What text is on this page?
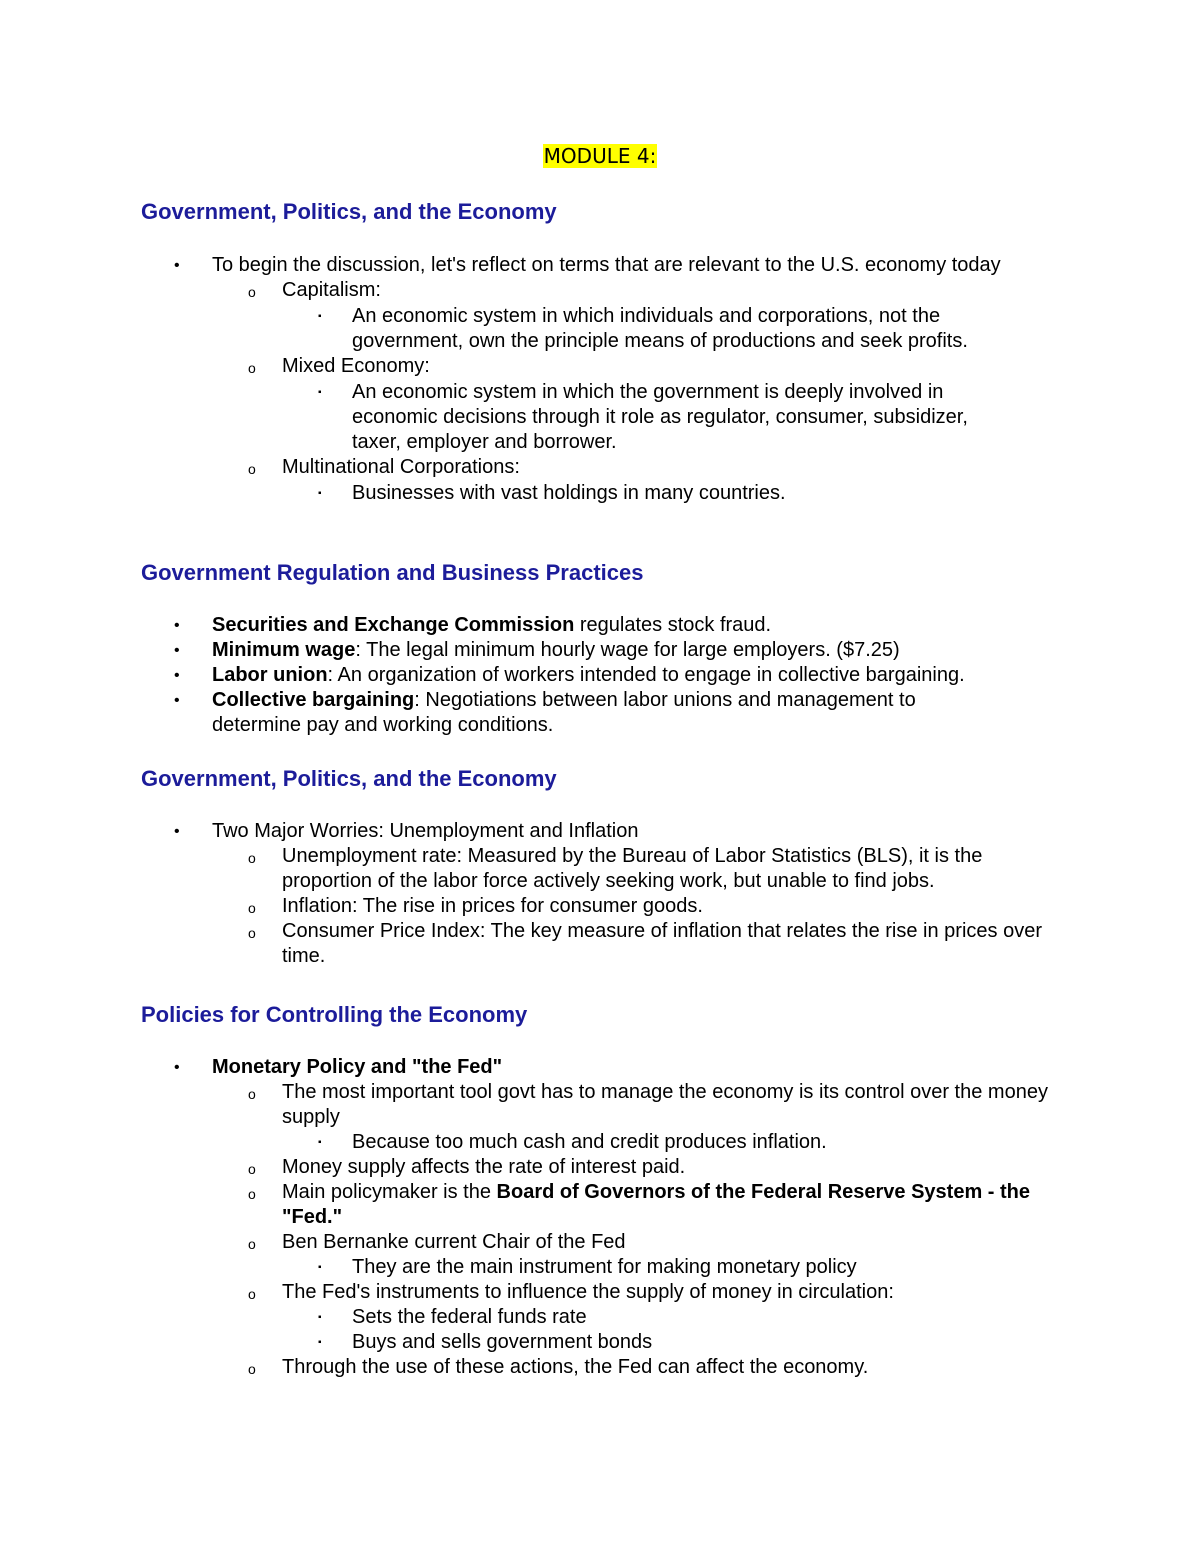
MODULE 4:
Government, Politics, and the Economy
• To begin the discussion, let's reflect on terms that are relevant to the U.S. economy today
o Capitalism:
▪ An economic system in which individuals and corporations, not the government, own the principle means of productions and seek profits.
o Mixed Economy:
▪ An economic system in which the government is deeply involved in economic decisions through it role as regulator, consumer, subsidizer, taxer, employer and borrower.
o Multinational Corporations:
▪ Businesses with vast holdings in many countries.
Government Regulation and Business Practices
• Securities and Exchange Commission regulates stock fraud.
• Minimum wage: The legal minimum hourly wage for large employers. ($7.25)
• Labor union: An organization of workers intended to engage in collective bargaining.
• Collective bargaining: Negotiations between labor unions and management to determine pay and working conditions.
Government, Politics, and the Economy
• Two Major Worries: Unemployment and Inflation
o Unemployment rate: Measured by the Bureau of Labor Statistics (BLS), it is the proportion of the labor force actively seeking work, but unable to find jobs.
o Inflation: The rise in prices for consumer goods.
o Consumer Price Index: The key measure of inflation that relates the rise in prices over time.
Policies for Controlling the Economy
• Monetary Policy and "the Fed"
o The most important tool govt has to manage the economy is its control over the money supply
▪ Because too much cash and credit produces inflation.
o Money supply affects the rate of interest paid.
o Main policymaker is the Board of Governors of the Federal Reserve System - the "Fed."
o Ben Bernanke current Chair of the Fed
▪ They are the main instrument for making monetary policy
o The Fed's instruments to influence the supply of money in circulation:
▪ Sets the federal funds rate
▪ Buys and sells government bonds
o Through the use of these actions, the Fed can affect the economy.
